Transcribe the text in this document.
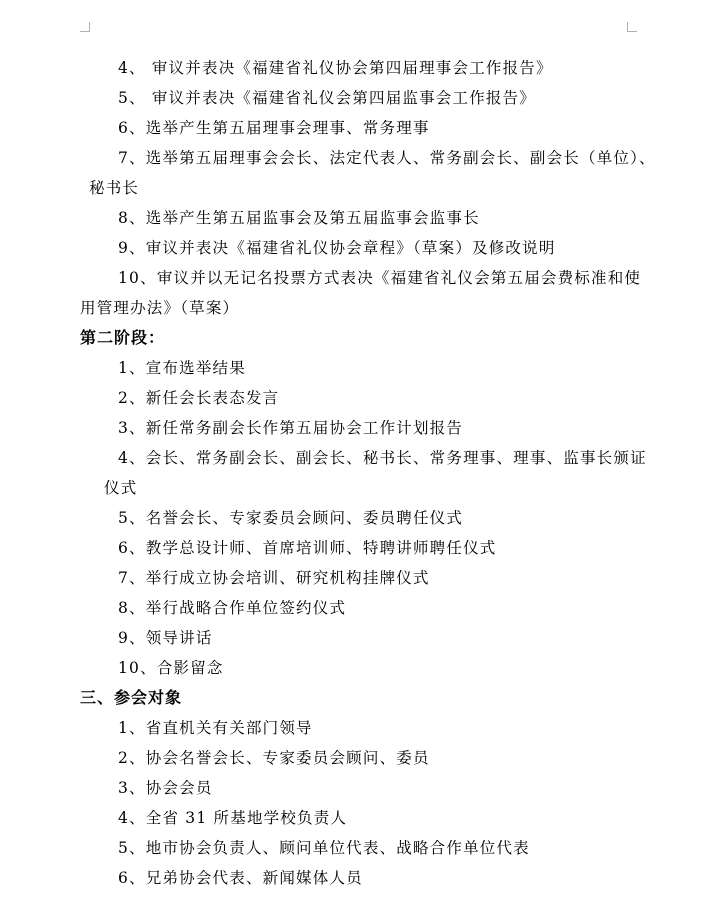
4、 审议并表决《福建省礼仪协会第四届理事会工作报告》
5、 审议并表决《福建省礼仪会第四届监事会工作报告》
6、选举产生第五届理事会理事、常务理事
7、选举第五届理事会会长、法定代表人、常务副会长、副会长（单位）、
秘书长
8、选举产生第五届监事会及第五届监事会监事长
9、审议并表决《福建省礼仪协会章程》（草案）及修改说明
10、审议并以无记名投票方式表决《福建省礼仪会第五届会费标准和使
用管理办法》（草案）
第二阶段：
1、宣布选举结果
2、新任会长表态发言
3、新任常务副会长作第五届协会工作计划报告
4、会长、常务副会长、副会长、秘书长、常务理事、理事、监事长颁证
仪式
5、名誉会长、专家委员会顾问、委员聘任仪式
6、教学总设计师、首席培训师、特聘讲师聘任仪式
7、举行成立协会培训、研究机构挂牌仪式
8、举行战略合作单位签约仪式
9、领导讲话
10、合影留念
三、参会对象
1、省直机关有关部门领导
2、协会名誉会长、专家委员会顾问、委员
3、协会会员
4、全省 31 所基地学校负责人
5、地市协会负责人、顾问单位代表、战略合作单位代表
6、兄弟协会代表、新闻媒体人员
